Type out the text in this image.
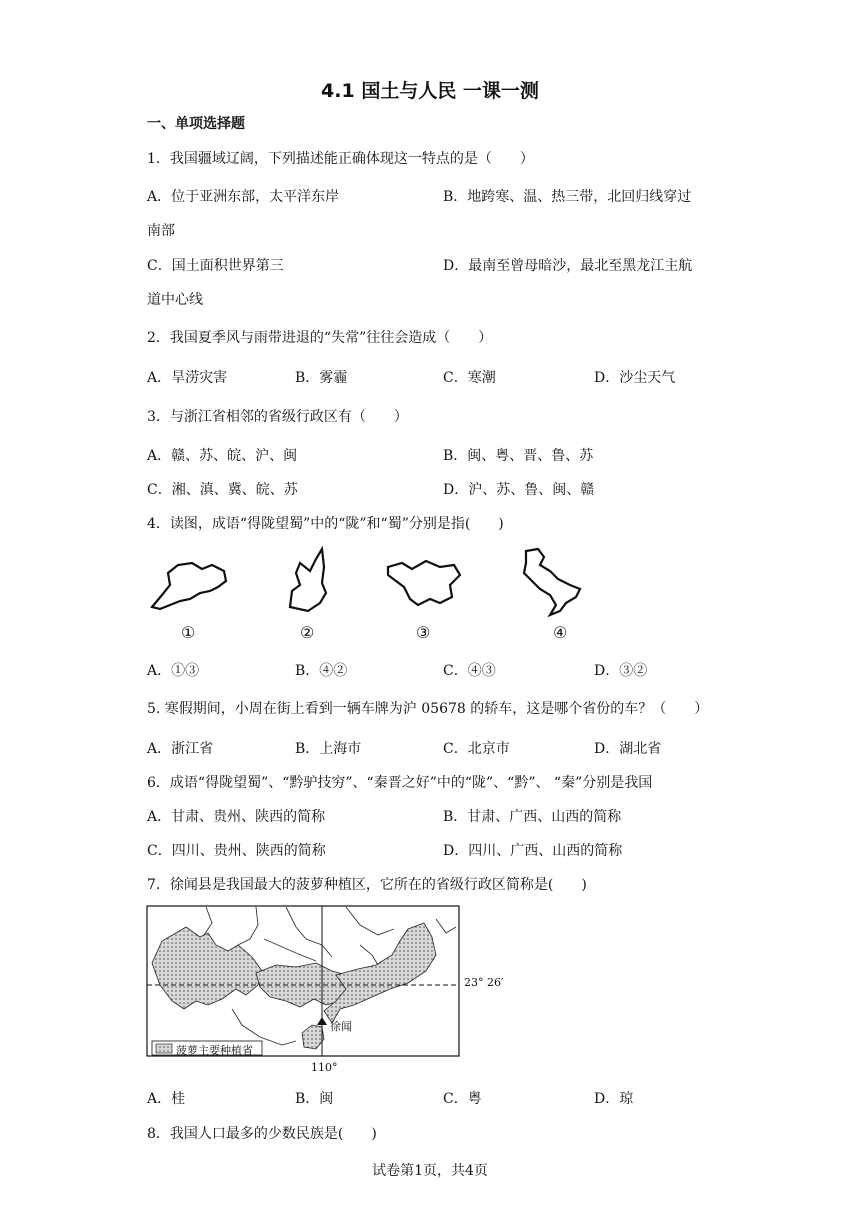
4.1 国土与人民 一课一测
一、单项选择题
1．我国疆域辽阔，下列描述能正确体现这一特点的是（　　）
A．位于亚洲东部，太平洋东岸	B．地跨寒、温、热三带，北回归线穿过
南部
C．国土面积世界第三	D．最南至曾母暗沙，最北至黑龙江主航
道中心线
2．我国夏季风与雨带进退的“失常”往往会造成（　　）
A．旱涝灾害	B．雾霾	C．寒潮	D．沙尘天气
3．与浙江省相邻的省级行政区有（　　）
A．赣、苏、皖、沪、闽	B．闽、粤、晋、鲁、苏
C．湘、滇、冀、皖、苏	D．沪、苏、鲁、闽、赣
4．读图，成语“得陇望蜀”中的“陇”和“蜀”分别是指(　　)
①	②	③	④
A．①③	B．④②	C．④③	D．③②
5. 寒假期间，小周在街上看到一辆车牌为沪 05678 的轿车，这是哪个省份的车？（　　）
A．浙江省	B．上海市	C．北京市	D．湖北省
6．成语“得陇望蜀”、“黔驴技穷”、“秦晋之好”中的“陇”、“黔”、 “秦”分别是我国
A．甘肃、贵州、陕西的简称	B．甘肃、广西、山西的简称
C．四川、贵州、陕西的简称	D．四川、广西、山西的简称
7．徐闻县是我国最大的菠萝种植区，它所在的省级行政区简称是(　　)
23° 26′
110°
徐闻
菠萝主要种植省
A．桂	B．闽	C．粤	D．琼
8．我国人口最多的少数民族是(　　)
试卷第1页，共4页
